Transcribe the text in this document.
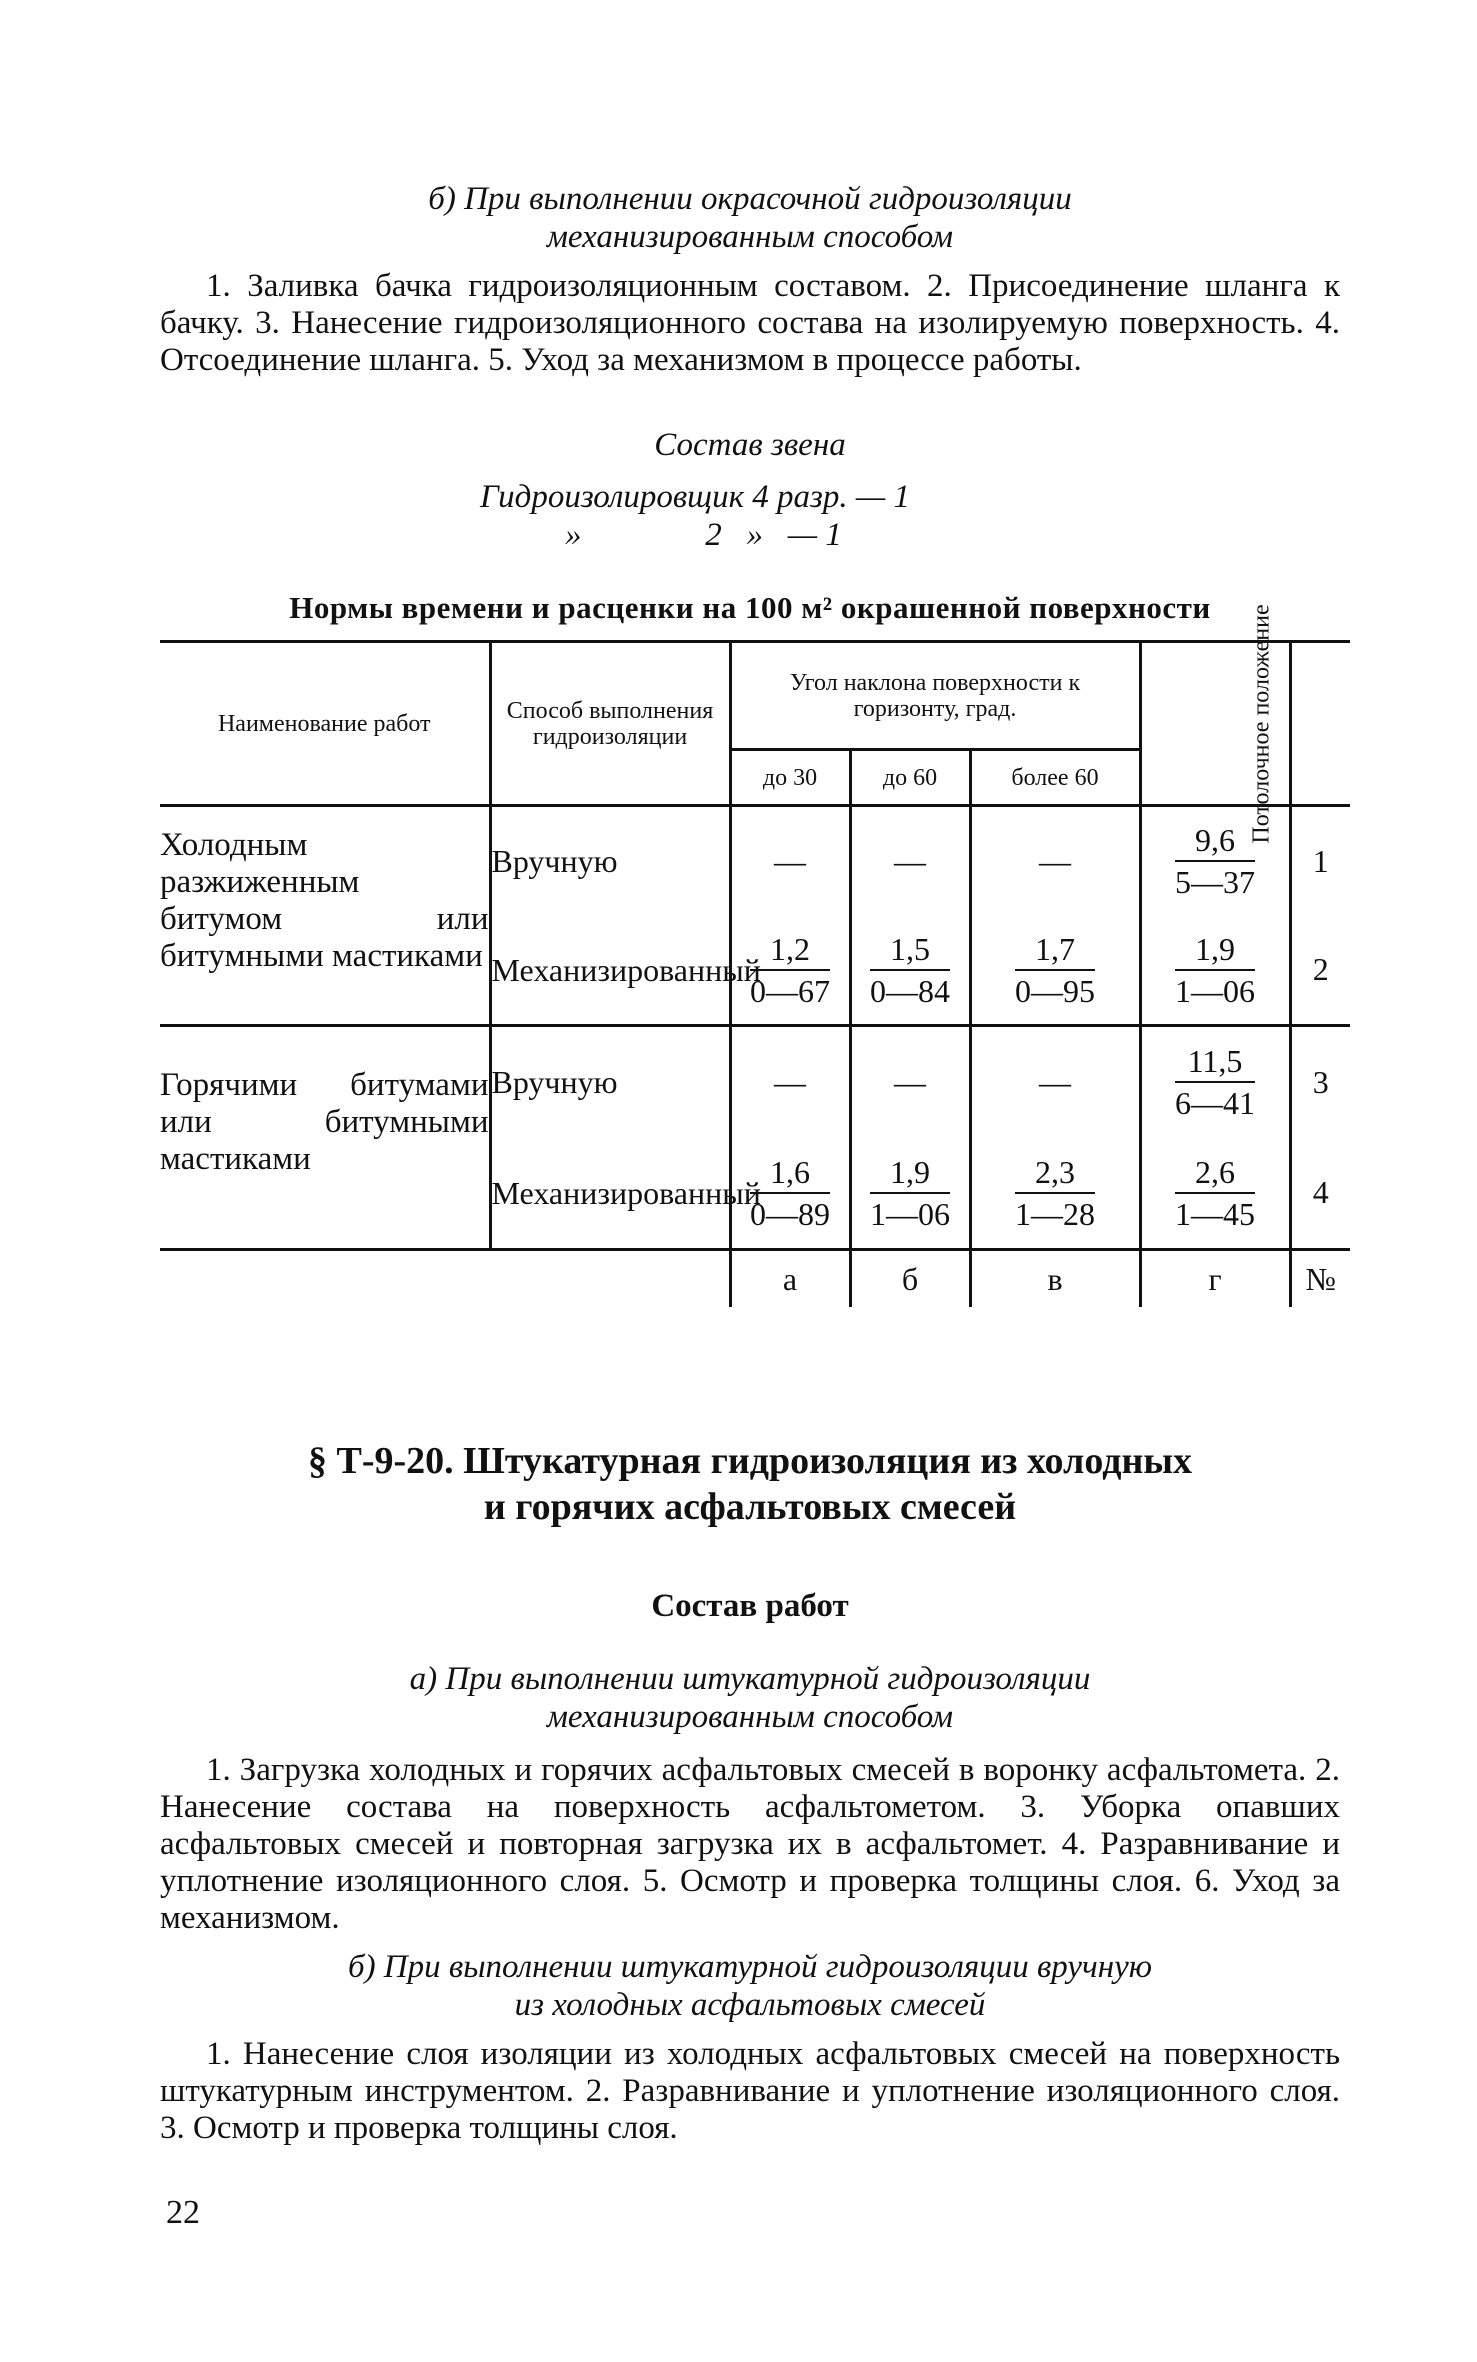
б) При выполнении окрасочной гидроизоляции
механизированным способом
1. Заливка бачка гидроизоляционным составом. 2. Присоединение шланга к бачку. 3. Нанесение гидроизоляционного состава на изолируемую поверхность. 4. Отсоединение шланга. 5. Уход за механизмом в процессе работы.
Состав звена
Гидроизолировщик 4 разр. — 1
»               2   »   — 1
Нормы времени и расценки на 100 м² окрашенной поверхности
Наименование работ	Способ выполнения гидроизоляции	Угол наклона поверхности к горизонту, град.			Потолочное положение	
		до 30	до 60	более 60		
Холодным разжиженным битумом или битумными мастиками	Вручную	—	—	—	$\frac{9,6}{5—37}$	1
	Механизированный	$\frac{1,2}{0—67}$	$\frac{1,5}{0—84}$	$\frac{1,7}{0—95}$	$\frac{1,9}{1—06}$	2
Горячими битумами или битумными мастиками	Вручную	—	—	—	$\frac{11,5}{6—41}$	3
	Механизированный	$\frac{1,6}{0—89}$	$\frac{1,9}{1—06}$	$\frac{2,3}{1—28}$	$\frac{2,6}{1—45}$	4
		а	б	в	г	№
§ Т-9-20. Штукатурная гидроизоляция из холодных
и горячих асфальтовых смесей
Состав работ
а) При выполнении штукатурной гидроизоляции
механизированным способом
1. Загрузка холодных и горячих асфальтовых смесей в воронку асфальтомета. 2. Нанесение состава на поверхность асфальтометом. 3. Уборка опавших асфальтовых смесей и повторная загрузка их в асфальтомет. 4. Разравнивание и уплотнение изоляционного слоя. 5. Осмотр и проверка толщины слоя. 6. Уход за механизмом.
б) При выполнении штукатурной гидроизоляции вручную
из холодных асфальтовых смесей
1. Нанесение слоя изоляции из холодных асфальтовых смесей на поверхность штукатурным инструментом. 2. Разравнивание и уплотнение изоляционного слоя. 3. Осмотр и проверка толщины слоя.
22
